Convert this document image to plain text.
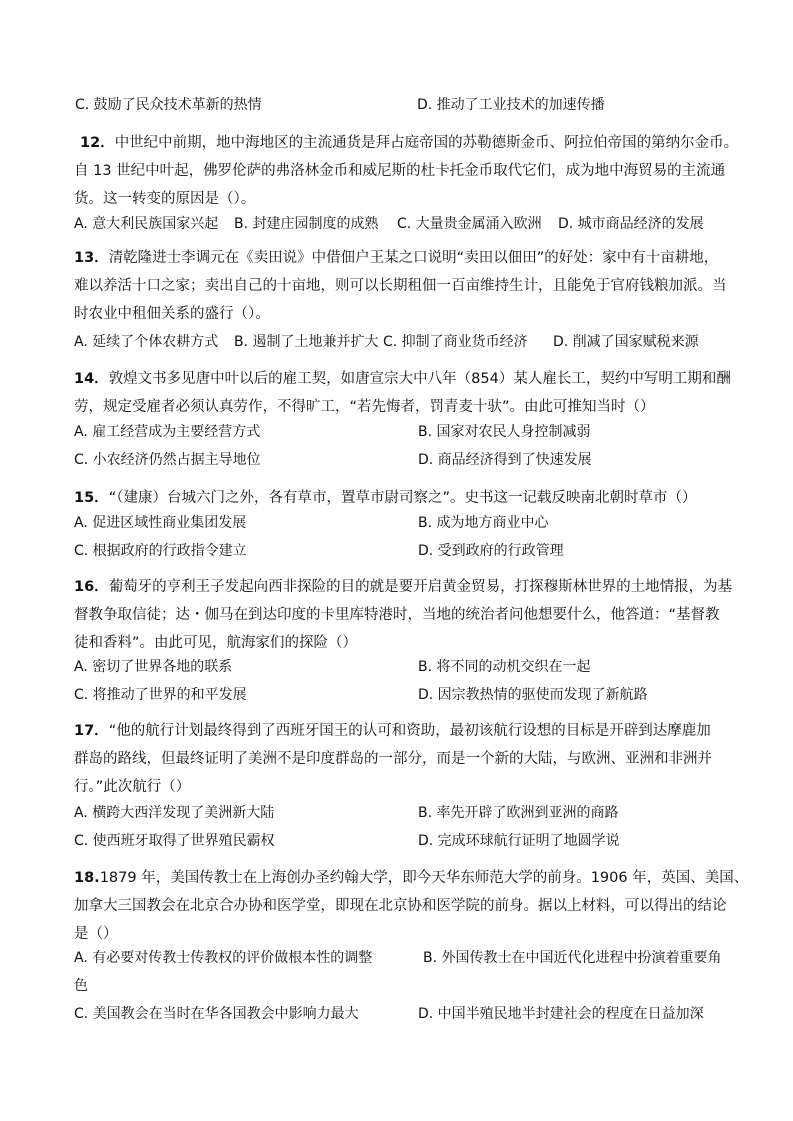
C. 鼓励了民众技术革新的热情	D. 推动了工业技术的加速传播
12．中世纪中前期，地中海地区的主流通货是拜占庭帝国的苏勒德斯金币、阿拉伯帝国的第纳尔金币。
自 13 世纪中叶起，佛罗伦萨的弗洛林金币和威尼斯的杜卡托金币取代它们，成为地中海贸易的主流通
货。这一转变的原因是（）。
A. 意大利民族国家兴起 B. 封建庄园制度的成熟 C. 大量贵金属涌入欧洲 D. 城市商品经济的发展
13．清乾隆进士李调元在《卖田说》中借佃户王某之口说明“卖田以佃田”的好处：家中有十亩耕地，
难以养活十口之家；卖出自己的十亩地，则可以长期租佃一百亩维持生计，且能免于官府钱粮加派。当
时农业中租佃关系的盛行（）。
A. 延续了个体农耕方式 B. 遏制了土地兼并扩大 C. 抑制了商业货币经济 D. 削减了国家赋税来源
14．敦煌文书多见唐中叶以后的雇工契，如唐宣宗大中八年（854）某人雇长工，契约中写明工期和酬
劳，规定受雇者必须认真劳作，不得旷工，“若先悔者，罚青麦十驮”。由此可推知当时（）
A. 雇工经营成为主要经营方式	B. 国家对农民人身控制减弱
C. 小农经济仍然占据主导地位	D. 商品经济得到了快速发展
15．“（建康）台城六门之外，各有草市，置草市尉司察之”。史书这一记载反映南北朝时草市（）
A. 促进区域性商业集团发展	B. 成为地方商业中心
C. 根据政府的行政指令建立	D. 受到政府的行政管理
16．葡萄牙的亨利王子发起向西非探险的目的就是要开启黄金贸易，打探穆斯林世界的土地情报，为基
督教争取信徒；达・伽马在到达印度的卡里库特港时，当地的统治者问他想要什么，他答道：“基督教
徒和香料”。由此可见，航海家们的探险（）
A. 密切了世界各地的联系	B. 将不同的动机交织在一起
C. 将推动了世界的和平发展	D. 因宗教热情的驱使而发现了新航路
17．“他的航行计划最终得到了西班牙国王的认可和资助，最初该航行设想的目标是开辟到达摩鹿加
群岛的路线，但最终证明了美洲不是印度群岛的一部分，而是一个新的大陆，与欧洲、亚洲和非洲并
行。”此次航行（）
A. 横跨大西洋发现了美洲新大陆	B. 率先开辟了欧洲到亚洲的商路
C. 使西班牙取得了世界殖民霸权	D. 完成环球航行证明了地圆学说
18.1879 年，美国传教士在上海创办圣约翰大学，即今天华东师范大学的前身。1906 年，英国、美国、
加拿大三国教会在北京合办协和医学堂，即现在北京协和医学院的前身。据以上材料，可以得出的结论
是（）
A. 有必要对传教士传教权的评价做根本性的调整	B. 外国传教士在中国近代化进程中扮演着重要角
色
C. 美国教会在当时在华各国教会中影响力最大	D. 中国半殖民地半封建社会的程度在日益加深
